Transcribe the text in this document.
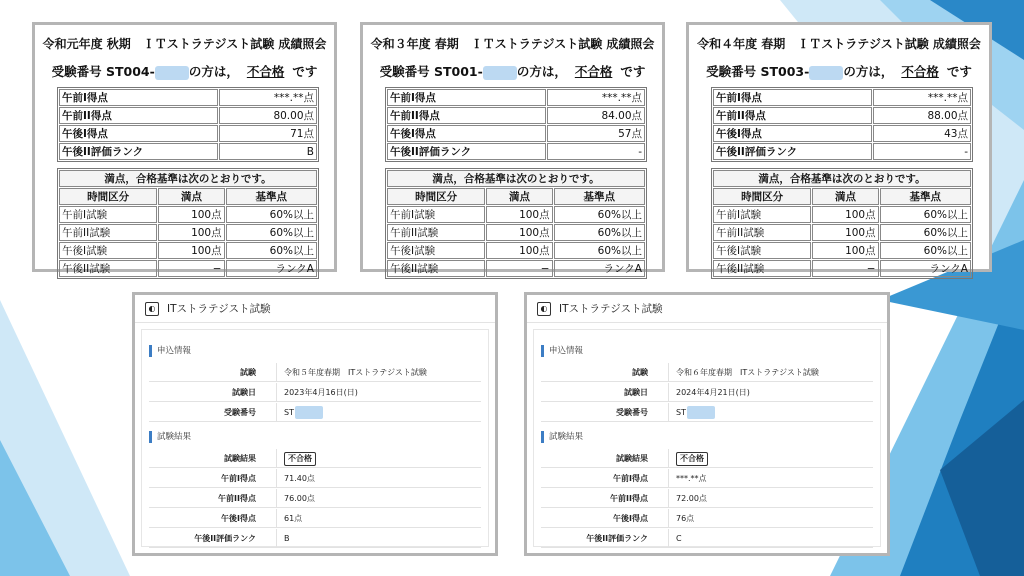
令和元年度 秋期　ＩＴストラテジスト試験 成績照会
受験番号 ST004-	の方は， 不合格 です
午前I得点	***.**点
午前II得点	80.00点
午後I得点	71点
午後II評価ランク	B
満点，合格基準は次のとおりです。		
時間区分	満点	基準点
午前I試験	100点	60%以上
午前II試験	100点	60%以上
午後I試験	100点	60%以上
午後II試験	−	ランクA
令和３年度 春期　ＩＴストラテジスト試験 成績照会
受験番号 ST001-	の方は， 不合格 です
午前I得点	***.**点
午前II得点	84.00点
午後I得点	57点
午後II評価ランク	-
満点，合格基準は次のとおりです。		
時間区分	満点	基準点
午前I試験	100点	60%以上
午前II試験	100点	60%以上
午後I試験	100点	60%以上
午後II試験	−	ランクA
令和４年度 春期　ＩＴストラテジスト試験 成績照会
受験番号 ST003-	の方は， 不合格 です
午前I得点	***.**点
午前II得点	88.00点
午後I得点	43点
午後II評価ランク	-
満点，合格基準は次のとおりです。		
時間区分	満点	基準点
午前I試験	100点	60%以上
午前II試験	100点	60%以上
午後I試験	100点	60%以上
午後II試験	−	ランクA
◐	ITストラテジスト試験
申込情報
試験	令和５年度春期　ITストラテジスト試験
試験日	2023年4月16日(日)
受験番号	ST
試験結果
試験結果	不合格
午前I得点	71.40点
午前II得点	76.00点
午後I得点	61点
午後II評価ランク	B
◐	ITストラテジスト試験
申込情報
試験	令和６年度春期　ITストラテジスト試験
試験日	2024年4月21日(日)
受験番号	ST
試験結果
試験結果	不合格
午前I得点	***.**点
午前II得点	72.00点
午後I得点	76点
午後II評価ランク	C
